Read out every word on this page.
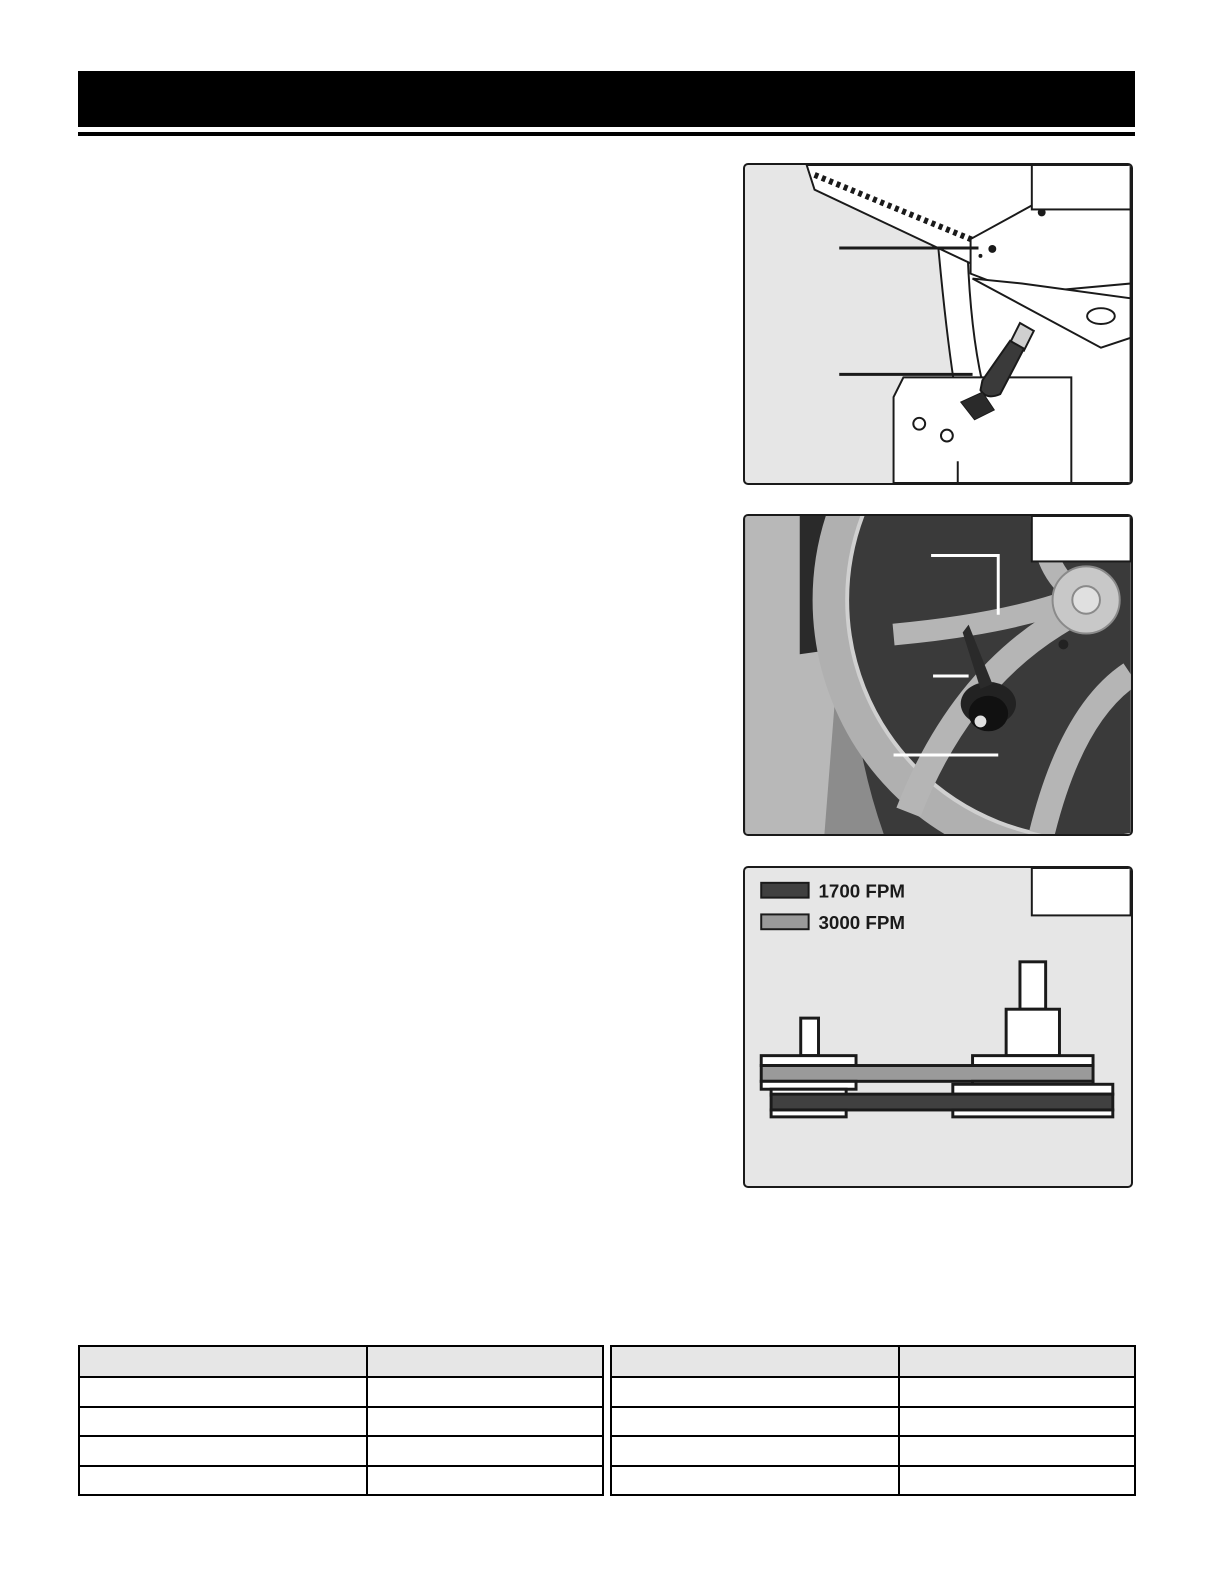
1700 FPM
3000 FPM
